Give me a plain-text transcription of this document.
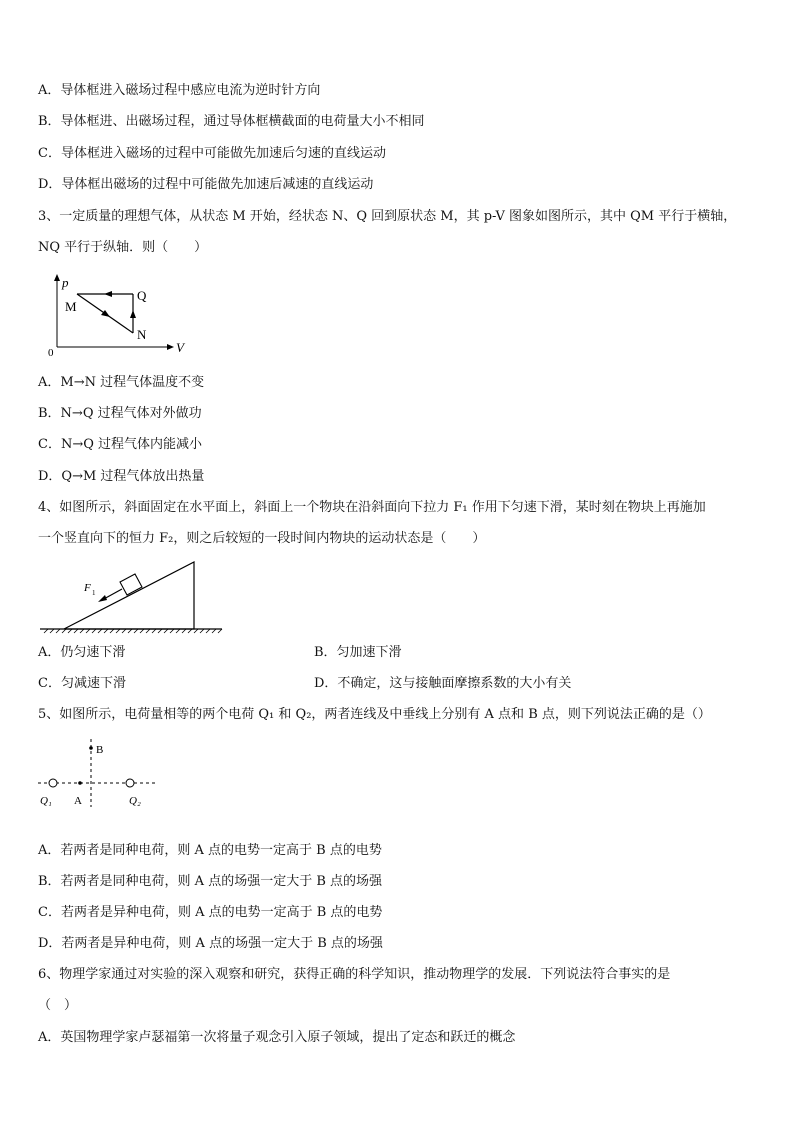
A．导体框进入磁场过程中感应电流为逆时针方向
B．导体框进、出磁场过程，通过导体框横截面的电荷量大小不相同
C．导体框进入磁场的过程中可能做先加速后匀速的直线运动
D．导体框出磁场的过程中可能做先加速后减速的直线运动
3、一定质量的理想气体，从状态 M 开始，经状态 N、Q 回到原状态 M，其 p-V 图象如图所示，其中 QM 平行于横轴，
NQ 平行于纵轴．则（　　）
p
V
0
M
Q
N
A．M→N 过程气体温度不变
B．N→Q 过程气体对外做功
C．N→Q 过程气体内能减小
D．Q→M 过程气体放出热量
4、如图所示，斜面固定在水平面上，斜面上一个物块在沿斜面向下拉力 F₁ 作用下匀速下滑，某时刻在物块上再施加
一个竖直向下的恒力 F₂，则之后较短的一段时间内物块的运动状态是（　　）
F 1
A．仍匀速下滑	B．匀加速下滑
C．匀减速下滑	D．不确定，这与接触面摩擦系数的大小有关
5、如图所示，电荷量相等的两个电荷 Q₁ 和 Q₂，两者连线及中垂线上分别有 A 点和 B 点，则下列说法正确的是（）
B
A
Q₁	Q₂
A．若两者是同种电荷，则 A 点的电势一定高于 B 点的电势
B．若两者是同种电荷，则 A 点的场强一定大于 B 点的场强
C．若两者是异种电荷，则 A 点的电势一定高于 B 点的电势
D．若两者是异种电荷，则 A 点的场强一定大于 B 点的场强
6、物理学家通过对实验的深入观察和研究，获得正确的科学知识，推动物理学的发展．下列说法符合事实的是
（　）
A．英国物理学家卢瑟福第一次将量子观念引入原子领域，提出了定态和跃迁的概念
